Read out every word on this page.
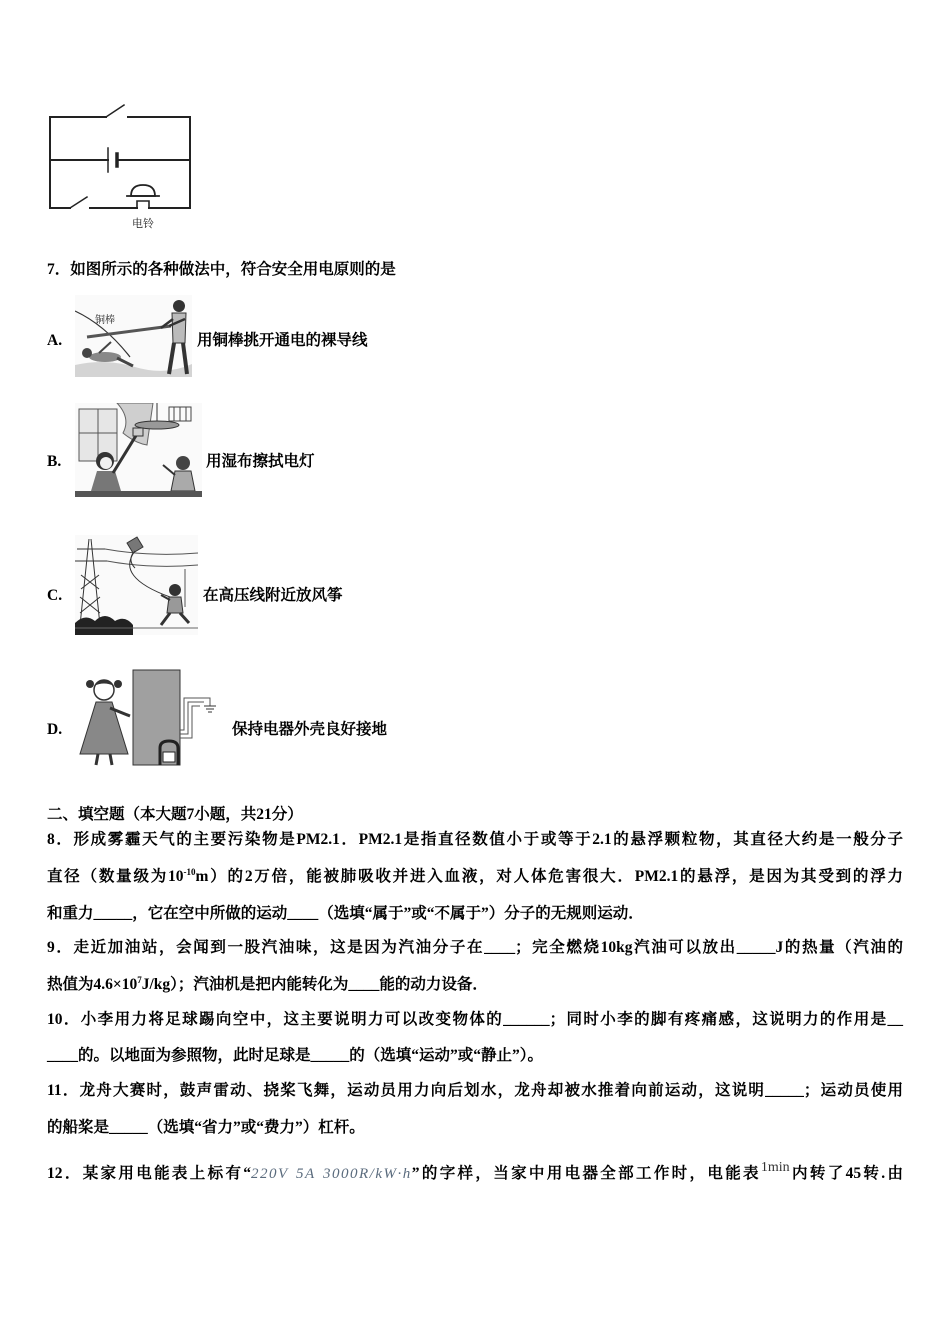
电铃
7．如图所示的各种做法中，符合安全用电原则的是
A.
铜棒
用铜棒挑开通电的裸导线
B.	用湿布擦拭电灯
C.	在高压线附近放风筝
D.	保持电器外壳良好接地
二、填空题（本大题7小题，共21分）
8．形成雾霾天气的主要污染物是PM2.1．PM2.1是指直径数值小于或等于2.1的悬浮颗粒物，其直径大约是一般分子
直径（数量级为$10^{-10}m$）的2万倍，能被肺吸收并进入血液，对人体危害很大．PM2.1的悬浮，是因为其受到的浮力
和重力_____，它在空中所做的运动____（选填“属于”或“不属于”）分子的无规则运动．
9．走近加油站，会闻到一股汽油味，这是因为汽油分子在____；完全燃烧10kg汽油可以放出_____J的热量（汽油的
热值为$4.6\times 10^7J/kg$）；汽油机是把内能转化为____能的动力设备．
10．小李用力将足球踢向空中，这主要说明力可以改变物体的______；同时小李的脚有疼痛感，这说明力的作用是__
____的。以地面为参照物，此时足球是_____的（选填“运动”或“静止”）。
11．龙舟大赛时，鼓声雷动、挠桨飞舞，运动员用力向后划水，龙舟却被水推着向前运动，这说明_____；运动员使用
的船桨是_____（选填“省力”或“费力”）杠杆。
12．某家用电能表上标有“220V 5A 3000R/kW·h”的字样，当家中用电器全部工作时，电能表1min内转了45转.由
